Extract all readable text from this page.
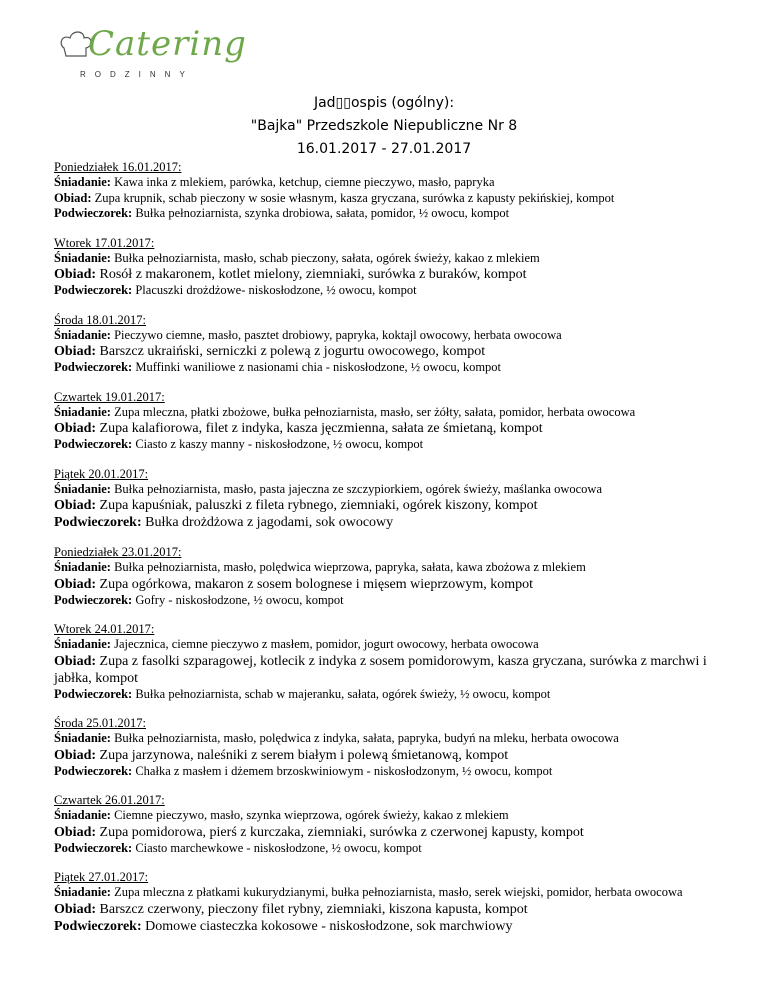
Catering
RODZINNY
Jad▯▯ospis (ogólny):
"Bajka" Przedszkole Niepubliczne Nr 8
16.01.2017 - 27.01.2017
Poniedziałek 16.01.2017:
Śniadanie: Kawa inka z mlekiem, parówka, ketchup, ciemne pieczywo, masło, papryka
Obiad: Zupa krupnik, schab pieczony w sosie własnym, kasza gryczana, surówka z kapusty pekińskiej, kompot
Podwieczorek: Bułka pełnoziarnista, szynka drobiowa, sałata, pomidor, ½ owocu, kompot
Wtorek 17.01.2017:
Śniadanie: Bułka pełnoziarnista, masło, schab pieczony, sałata, ogórek świeży, kakao z mlekiem
Obiad: Rosół z makaronem, kotlet mielony, ziemniaki, surówka z buraków, kompot
Podwieczorek: Placuszki drożdżowe- niskosłodzone, ½ owocu, kompot
Środa 18.01.2017:
Śniadanie: Pieczywo ciemne, masło, pasztet drobiowy, papryka, koktajl owocowy, herbata owocowa
Obiad: Barszcz ukraiński, serniczki z polewą z jogurtu owocowego, kompot
Podwieczorek: Muffinki waniliowe z nasionami chia - niskosłodzone, ½ owocu, kompot
Czwartek 19.01.2017:
Śniadanie: Zupa mleczna, płatki zbożowe, bułka pełnoziarnista, masło, ser żółty, sałata, pomidor, herbata owocowa
Obiad: Zupa kalafiorowa, filet z indyka, kasza jęczmienna, sałata ze śmietaną, kompot
Podwieczorek: Ciasto z kaszy manny - niskosłodzone, ½ owocu, kompot
Piątek 20.01.2017:
Śniadanie: Bułka pełnoziarnista, masło, pasta jajeczna ze szczypiorkiem, ogórek świeży, maślanka owocowa
Obiad: Zupa kapuśniak, paluszki z fileta rybnego, ziemniaki, ogórek kiszony, kompot
Podwieczorek: Bułka drożdżowa z jagodami, sok owocowy
Poniedziałek 23.01.2017:
Śniadanie: Bułka pełnoziarnista, masło, polędwica wieprzowa, papryka, sałata, kawa zbożowa z mlekiem
Obiad: Zupa ogórkowa, makaron z sosem bolognese i mięsem wieprzowym, kompot
Podwieczorek: Gofry - niskosłodzone, ½ owocu, kompot
Wtorek 24.01.2017:
Śniadanie: Jajecznica, ciemne pieczywo z masłem, pomidor, jogurt owocowy, herbata owocowa
Obiad: Zupa z fasolki szparagowej, kotlecik z indyka z sosem pomidorowym, kasza gryczana, surówka z marchwi i jabłka, kompot
Podwieczorek: Bułka pełnoziarnista, schab w majeranku, sałata, ogórek świeży, ½ owocu, kompot
Środa 25.01.2017:
Śniadanie: Bułka pełnoziarnista, masło, polędwica z indyka, sałata, papryka, budyń na mleku, herbata owocowa
Obiad: Zupa jarzynowa, naleśniki z serem białym i polewą śmietanową, kompot
Podwieczorek: Chałka z masłem i dżemem brzoskwiniowym - niskosłodzonym, ½ owocu, kompot
Czwartek 26.01.2017:
Śniadanie: Ciemne pieczywo, masło, szynka wieprzowa, ogórek świeży, kakao z mlekiem
Obiad: Zupa pomidorowa, pierś z kurczaka, ziemniaki, surówka z czerwonej kapusty, kompot
Podwieczorek: Ciasto marchewkowe - niskosłodzone, ½ owocu, kompot
Piątek 27.01.2017:
Śniadanie: Zupa mleczna z płatkami kukurydzianymi, bułka pełnoziarnista, masło, serek wiejski, pomidor, herbata owocowa
Obiad: Barszcz czerwony, pieczony filet rybny, ziemniaki, kiszona kapusta, kompot
Podwieczorek: Domowe ciasteczka kokosowe - niskosłodzone, sok marchwiowy
